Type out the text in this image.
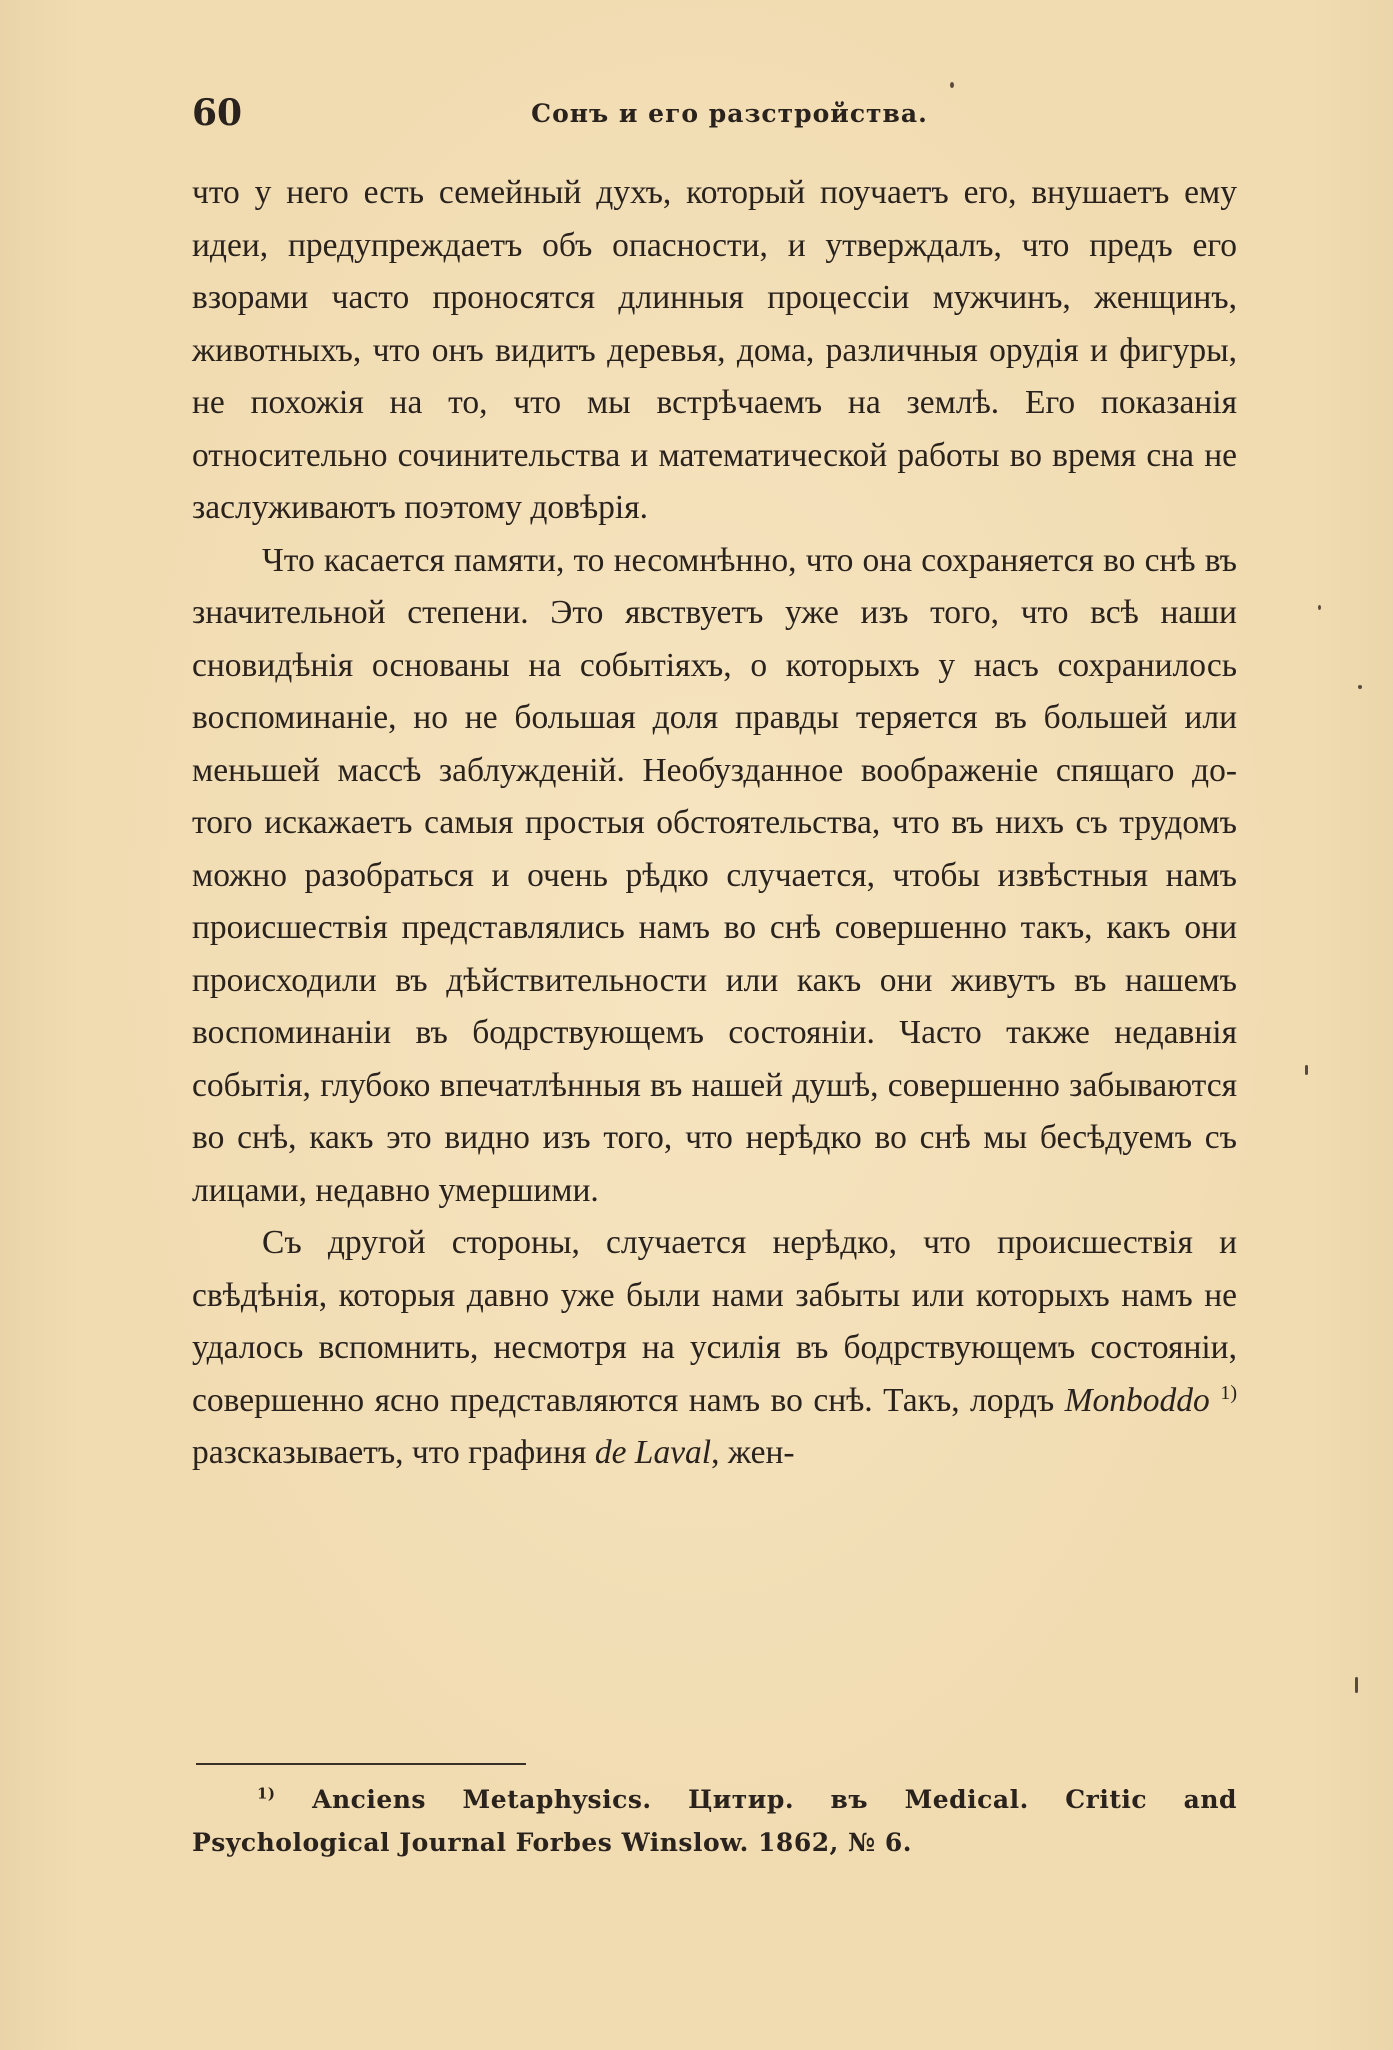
60	Сонъ и его разстройства.

что у него есть семейный духъ, который поучаетъ его, внушаетъ ему идеи, предупреждаетъ объ опасности, и утверждалъ, что предъ его взорами часто проносятся длинныя процессіи мужчинъ, женщинъ, животныхъ, что онъ видитъ деревья, дома, различныя орудія и фигуры, не похожія на то, что мы встрѣчаемъ на землѣ. Его показанія относительно сочинительства и математической работы во время сна не заслуживаютъ поэтому довѣрія.

Что касается памяти, то несомнѣнно, что она сохраняется во снѣ въ значительной степени. Это явствуетъ уже изъ того, что всѣ наши сновидѣнія основаны на событіяхъ, о которыхъ у насъ сохранилось воспоминаніе, но не большая доля правды теряется въ большей или меньшей массѣ заблужденій. Необузданное воображеніе спящаго до-того искажаетъ самыя простыя обстоятельства, что въ нихъ съ трудомъ можно разобраться и очень рѣдко случается, чтобы извѣстныя намъ происшествія представлялись намъ во снѣ совершенно такъ, какъ они происходили въ дѣйствительности или какъ они живутъ въ нашемъ воспоминаніи въ бодрствующемъ состояніи. Часто также недавнія событія, глубоко впечатлѣнныя въ нашей душѣ, совершенно забываются во снѣ, какъ это видно изъ того, что нерѣдко во снѣ мы бесѣдуемъ съ лицами, недавно умершими.

Съ другой стороны, случается нерѣдко, что происшествія и свѣдѣнія, которыя давно уже были нами забыты или которыхъ намъ не удалось вспомнить, несмотря на усилія въ бодрствующемъ состояніи, совершенно ясно представляются намъ во снѣ. Такъ, лордъ Monboddo $^{1)}$ разсказываетъ, что графиня de Laval, жен-

$^{1)}$ Anciens Metaphysics. Цитир. въ Medical. Critic and Psychological Journal Forbes Winslow. 1862, № 6.
